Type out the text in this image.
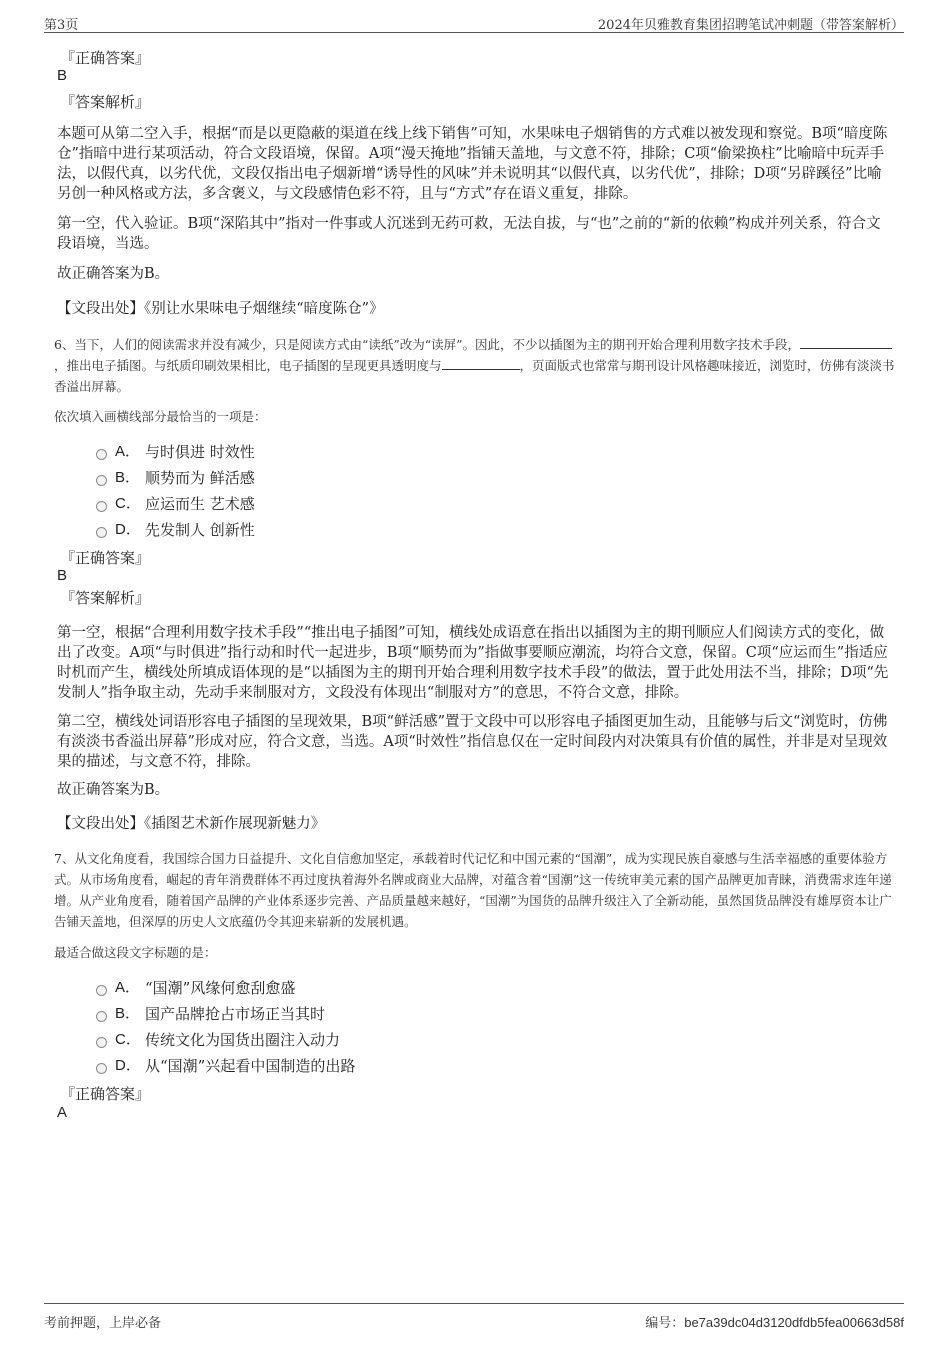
第3页	2024年贝雅教育集团招聘笔试冲刺题（带答案解析）
『正确答案』
B
『答案解析』
本题可从第二空入手，根据“而是以更隐蔽的渠道在线上线下销售”可知，水果味电子烟销售的方式难以被发现和察觉。B项“暗度陈仓”指暗中进行某项活动，符合文段语境，保留。A项“漫天掩地”指铺天盖地，与文意不符，排除；C项“偷梁换柱”比喻暗中玩弄手法，以假代真，以劣代优，文段仅指出电子烟新增“诱导性的风味”并未说明其“以假代真，以劣代优”，排除；D项“另辟蹊径”比喻另创一种风格或方法，多含褒义，与文段感情色彩不符，且与“方式”存在语义重复，排除。
第一空，代入验证。B项“深陷其中”指对一件事或人沉迷到无药可救，无法自拔，与“也”之前的“新的依赖”构成并列关系，符合文段语境，当选。
故正确答案为B。
【文段出处】《别让水果味电子烟继续“暗度陈仓”》
6、当下，人们的阅读需求并没有减少，只是阅读方式由“读纸”改为“读屏”。因此，不少以插图为主的期刊开始合理利用数字技术手段，，推出电子插图。与纸质印刷效果相比，电子插图的呈现更具透明度与	，页面版式也常常与期刊设计风格趣味接近，浏览时，仿佛有淡淡书香溢出屏幕。
依次填入画横线部分最恰当的一项是：
A． 与时俱进 时效性
B． 顺势而为 鲜活感
C． 应运而生 艺术感
D． 先发制人 创新性
『正确答案』
B
『答案解析』
第一空，根据“合理利用数字技术手段”“推出电子插图”可知，横线处成语意在指出以插图为主的期刊顺应人们阅读方式的变化，做出了改变。A项“与时俱进”指行动和时代一起进步，B项“顺势而为”指做事要顺应潮流，均符合文意，保留。C项“应运而生”指适应时机而产生，横线处所填成语体现的是“以插图为主的期刊开始合理利用数字技术手段”的做法，置于此处用法不当，排除；D项“先发制人”指争取主动，先动手来制服对方，文段没有体现出“制服对方”的意思，不符合文意，排除。
第二空，横线处词语形容电子插图的呈现效果，B项“鲜活感”置于文段中可以形容电子插图更加生动，且能够与后文“浏览时，仿佛有淡淡书香溢出屏幕”形成对应，符合文意，当选。A项“时效性”指信息仅在一定时间段内对决策具有价值的属性，并非是对呈现效果的描述，与文意不符，排除。
故正确答案为B。
【文段出处】《插图艺术新作展现新魅力》
7、从文化角度看，我国综合国力日益提升、文化自信愈加坚定，承载着时代记忆和中国元素的“国潮”，成为实现民族自豪感与生活幸福感的重要体验方式。从市场角度看，崛起的青年消费群体不再过度执着海外名牌或商业大品牌，对蕴含着“国潮”这一传统审美元素的国产品牌更加青睐，消费需求连年递增。从产业角度看，随着国产品牌的产业体系逐步完善、产品质量越来越好，“国潮”为国货的品牌升级注入了全新动能，虽然国货品牌没有雄厚资本让广告铺天盖地，但深厚的历史人文底蕴仍令其迎来崭新的发展机遇。
最适合做这段文字标题的是：
A． “国潮”风缘何愈刮愈盛
B． 国产品牌抢占市场正当其时
C． 传统文化为国货出圈注入动力
D． 从“国潮”兴起看中国制造的出路
『正确答案』
A
考前押题，上岸必备	编号：be7a39dc04d3120dfdb5fea00663d58f
